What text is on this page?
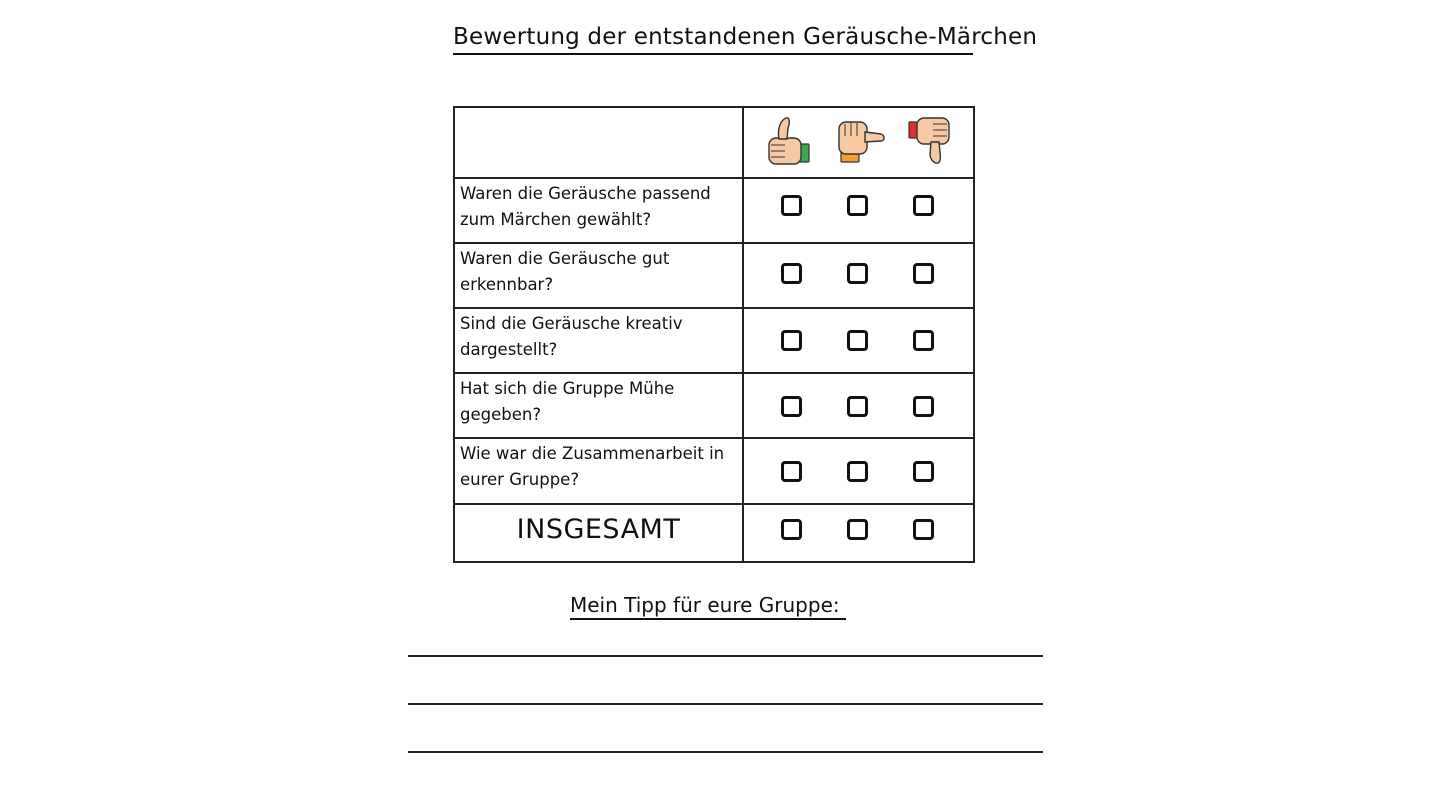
Bewertung der entstandenen Geräusche-Märchen
Waren die Geräusche passend zum Märchen gewählt?
Waren die Geräusche gut erkennbar?
Sind die Geräusche kreativ dargestellt?
Hat sich die Gruppe Mühe gegeben?
Wie war die Zusammenarbeit in eurer Gruppe?
INSGESAMT
Mein Tipp für eure Gruppe:
